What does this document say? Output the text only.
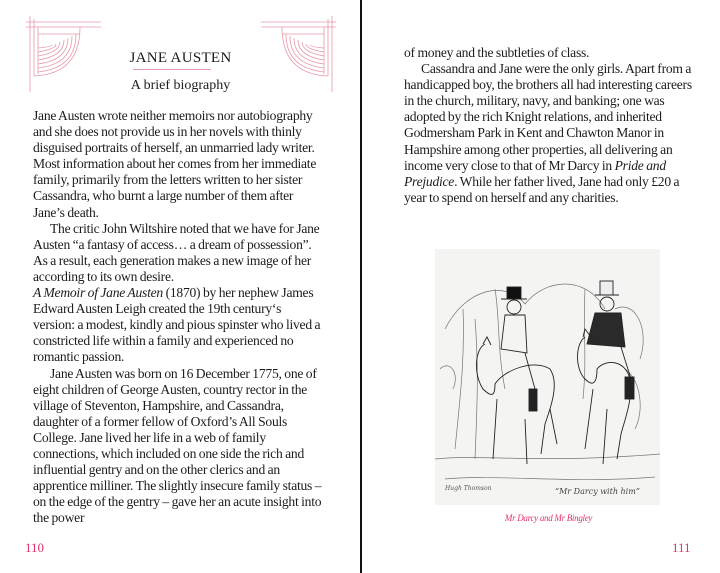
JANE AUSTEN
A brief biography

Jane Austen wrote neither memoirs nor autobiography and she does not provide us in her novels with thinly disguised portraits of herself, an unmarried lady writer. Most information about her comes from her immediate family, primarily from the letters written to her sister Cassandra, who burnt a large number of them after Jane’s death.

The critic John Wiltshire noted that we have for Jane Austen “a fantasy of access… a dream of possession”. As a result, each generation makes a new image of her according to its own desire.

A Memoir of Jane Austen (1870) by her nephew James Edward Austen Leigh created the 19th century‘s version: a modest, kindly and pious spinster who lived a constricted life within a family and experienced no romantic passion.

Jane Austen was born on 16 December 1775, one of eight children of George Austen, country rector in the village of Steventon, Hampshire, and Cassandra, daughter of a former fellow of Oxford’s All Souls College. Jane lived her life in a web of family connections, which included on one side the rich and influential gentry and on the other clerics and an apprentice milliner. The slightly insecure family status – on the edge of the gentry – gave her an acute insight into the power

110

of money and the subtleties of class.

Cassandra and Jane were the only girls. Apart from a handicapped boy, the brothers all had interesting careers in the church, military, navy, and banking; one was adopted by the rich Knight relations, and inherited Godmersham Park in Kent and Chawton Manor in Hampshire among other properties, all delivering an income very close to that of Mr Darcy in Pride and Prejudice. While her father lived, Jane had only £20 a year to spend on herself and any charities.

Hugh Thomson	“Mr Darcy with him”
Mr Darcy and Mr Bingley
111
